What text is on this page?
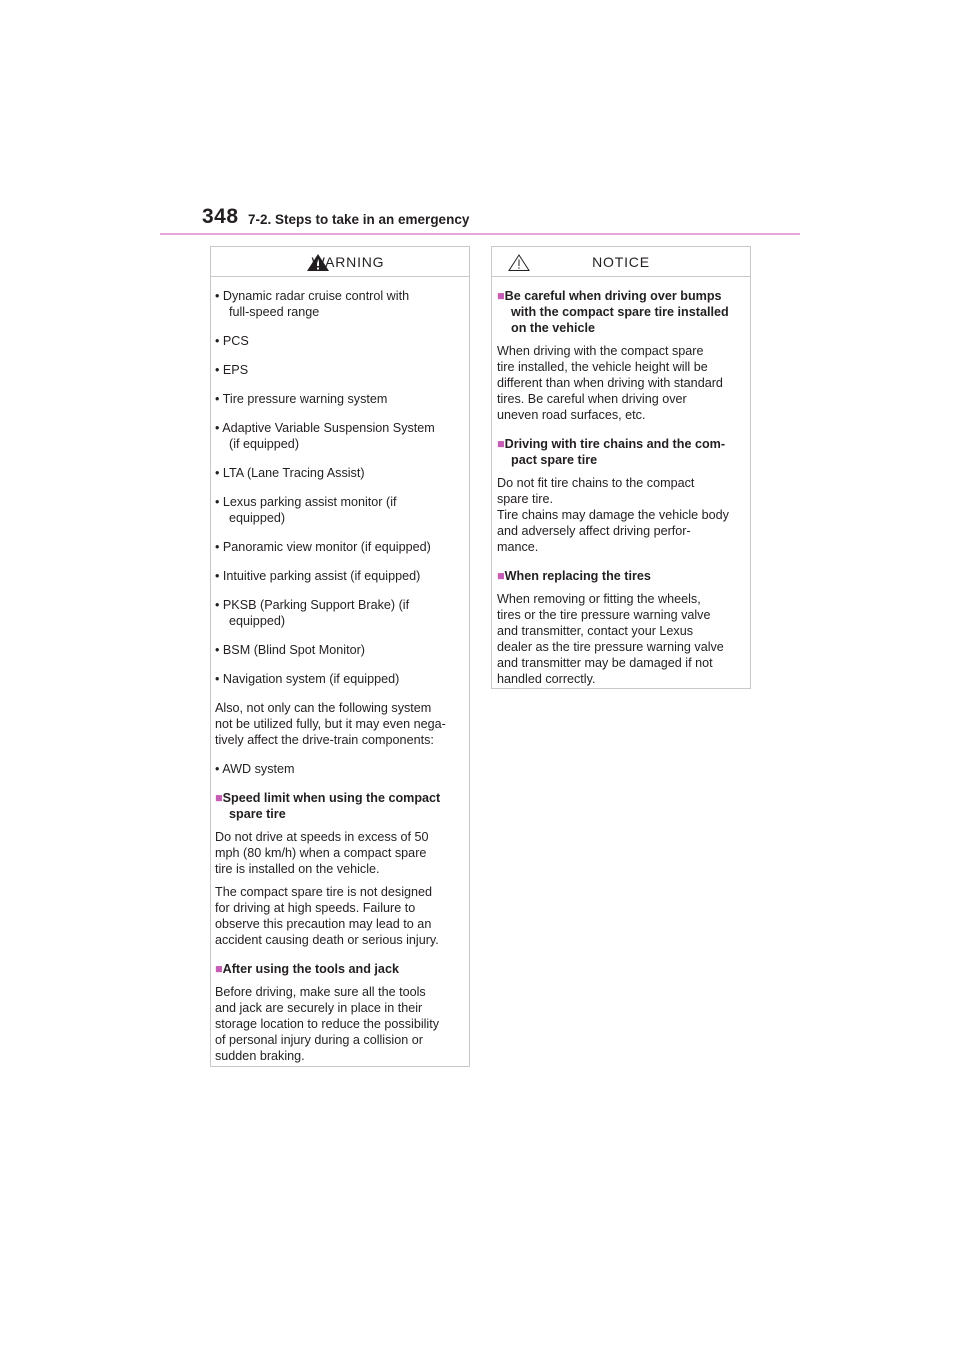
348 7-2. Steps to take in an emergency
WARNING
• Dynamic radar cruise control with
full-speed range
• PCS
• EPS
• Tire pressure warning system
• Adaptive Variable Suspension System
(if equipped)
• LTA (Lane Tracing Assist)
• Lexus parking assist monitor (if
equipped)
• Panoramic view monitor (if equipped)
• Intuitive parking assist (if equipped)
• PKSB (Parking Support Brake) (if
equipped)
• BSM (Blind Spot Monitor)
• Navigation system (if equipped)
Also, not only can the following system
not be utilized fully, but it may even nega-
tively affect the drive-train components:
• AWD system
■Speed limit when using the compact
spare tire
Do not drive at speeds in excess of 50
mph (80 km/h) when a compact spare
tire is installed on the vehicle.
The compact spare tire is not designed
for driving at high speeds. Failure to
observe this precaution may lead to an
accident causing death or serious injury.
■After using the tools and jack
Before driving, make sure all the tools
and jack are securely in place in their
storage location to reduce the possibility
of personal injury during a collision or
sudden braking.
NOTICE
■Be careful when driving over bumps
with the compact spare tire installed
on the vehicle
When driving with the compact spare
tire installed, the vehicle height will be
different than when driving with standard
tires. Be careful when driving over
uneven road surfaces, etc.
■Driving with tire chains and the com-
pact spare tire
Do not fit tire chains to the compact
spare tire.
Tire chains may damage the vehicle body
and adversely affect driving perfor-
mance.
■When replacing the tires
When removing or fitting the wheels,
tires or the tire pressure warning valve
and transmitter, contact your Lexus
dealer as the tire pressure warning valve
and transmitter may be damaged if not
handled correctly.
